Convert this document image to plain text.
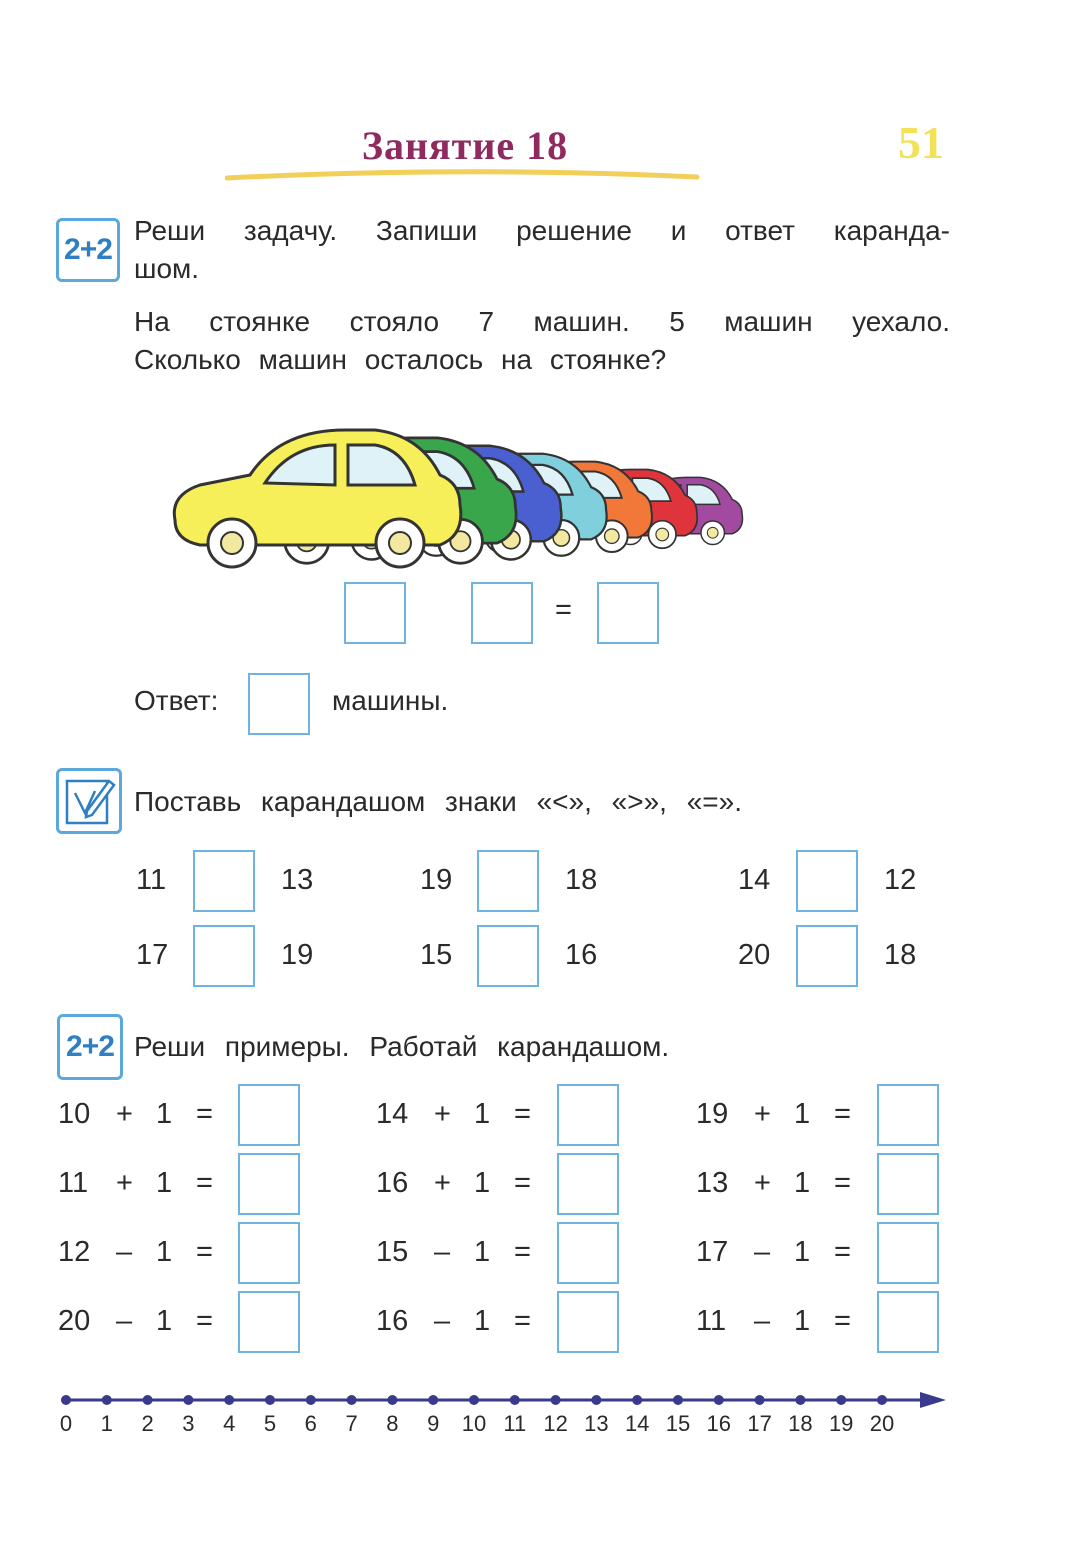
Занятие 18	51
2+2
Реши задачу. Запиши решение и ответ каранда-
шом.
На стоянке стояло 7 машин. 5 машин уехало.
Сколько машин осталось на стоянке?
=
Ответ:	машины.
Поставь карандашом знаки «<», «>», «=».
11	13	19	18	14	12
17	19	15	16	20	18
2+2 Реши примеры. Работай карандашом.
10 + 1 =	14 + 1 =	19 + 1 =
11 + 1 =	16 + 1 =	13 + 1 =
12 – 1 =	15 – 1 =	17 – 1 =
20 – 1 =	16 – 1 =	11 – 1 =
0	1	2	3	4	5	6	7	8	9	10 11 12 13 14 15 16 17 18 19 20
